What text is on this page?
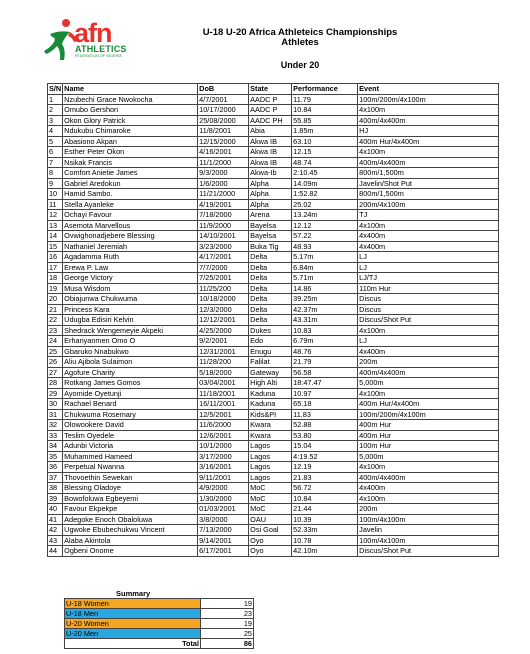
afn
ATHLETICS
FEDERATION OF NIGERIA
U-18 U-20 Africa Athleteics Championships
Athletes
Under 20
S/N	Name	DoB	State	Performance	Event
1	Nzubechi Grace Nwokocha	4/7/2001	AADC P	11.79	100m/200m/4x100m
2	Omubo Gershon	10/17/2000	AADC P	10.84	4x100m
3	Okon Glory Patrick	25/08/2000	AADC PH	55.85	400m/4x400m
4	Ndukubu Chimaroke	11/8/2001	Abia	1.85m	HJ
5	Abasiono Akpan	12/15/2000	Akwa IB	63.10	400m Hur/4x400m
6	Esther Peter Okon	4/16/2001	Akwa IB	12.15	4x100m
7	Nsikak Francis	11/1/2000	Akwa IB	48.74	400m/4x400m
8	Comfort Anietie James	9/3/2000	Akwa-Ib	2:10.45	800m/1,500m
9	Gabriel Aredokun	1/6/2000	Alpha	14.09m	Javelin/Shot Put
10	Hamid Sambo.	11/21/2000	Alpha	1:52.82	800m/1,500m
11	Stella Ayanleke	4/19/2001	Alpha	25.02	200m/4x100m
12	Ochayi Favour	7/18/2000	Arena	13.24m	TJ
13	Asemota Marvellous	11/9/2000	Bayelsa	12.12	4x100m
14	Ovwighonadjebere Blessing	14/10/2001	Bayelsa	57.22	4x400m
15	Nathaniel Jeremiah	3/23/2000	Buka Tig	48.93	4x400m
16	Agadamma Ruth	4/17/2001	Delta	5.17m	LJ
17	Erewa P. Law	7/7/2000	Delta	6.84m	LJ
18	George Victory	7/25/2001	Delta	5.71m	LJ/TJ
19	Musa Wisdom	11/25/200	Delta	14.86	110m Hur
20	Obiajunwa Chukwuma	10/18/2000	Delta	39.25m	Discus
21	Princess Kara	12/3/2000	Delta	42.37m	Discus
22	Udugba Edisiri Kelvin	12/12/2001	Delta	43.31m	Discus/Shot Put
23	Shedrack Wengemeyie Akpeki	4/25/2000	Dukes	10.83	4x100m
24	Erhanyanmen Omo O	9/2/2001	Edo	6.79m	LJ
25	Gbaruko Nnabukwo	12/31/2001	Enugu	48.76	4x400m
26	Aliu Ajibola Sulaimon	11/28/200	Falilat	21.79	200m
27	Agofure Charity	5/18/2000	Gateway	56.58	400m/4x400m
28	Rotkang James Gomos	03/04/2001	High Alti	18:47.47	5,000m
29	Ayomide Oyetunji	11/18/2001	Kaduna	10.97	4x100m
30	Rachael Benard	16/11/2001	Kaduna	65.18	400m Hur/4x400m
31	Chukwuma Rosemary	12/5/2001	Kids&PI	11.83	100m/200m/4x100m
32	Olowookere David	11/6/2000	Kwara	52.88	400m Hur
33	Teslim Oyedele	12/6/2001	Kwara	53.80	400m Hur
34	Adunbi Victoria	10/1/2000	Lagos	15.04	100m Hur
35	Muhammed Hameed	3/17/2000	Lagos	4:19.52	5,000m
36	Perpetual Nwanna	3/16/2001	Lagos	12.19	4x100m
37	Thovoethin Sewekan	9/11/2001	Lagos	21.83	400m/4x400m
38	Blessing Oladoye	4/9/2000	MoC	56.72	4x400m
39	Bowofoluwa Egbeyemi	1/30/2000	MoC	10.84	4x100m
40	Favour Ekpekpe	01/03/2001	MoC	21.44	200m
41	Adegoke Enoch Obaloluwa	3/8/2000	OAU	10.39	100m/4x100m
42	Ugwoke Ebubechukwu Vincent	7/13/2000	Osi Goal	52.33m	Javelin
43	Alaba Akintola	9/14/2001	Oyo	10.78	100m/4x100m
44	Ogbeni Onome	6/17/2001	Oyo	42.10m	Discus/Shot Put
Summary
U-18 Women	19
U-18 Men	23
U-20 Women	19
U-20 Men	25
Total	86
